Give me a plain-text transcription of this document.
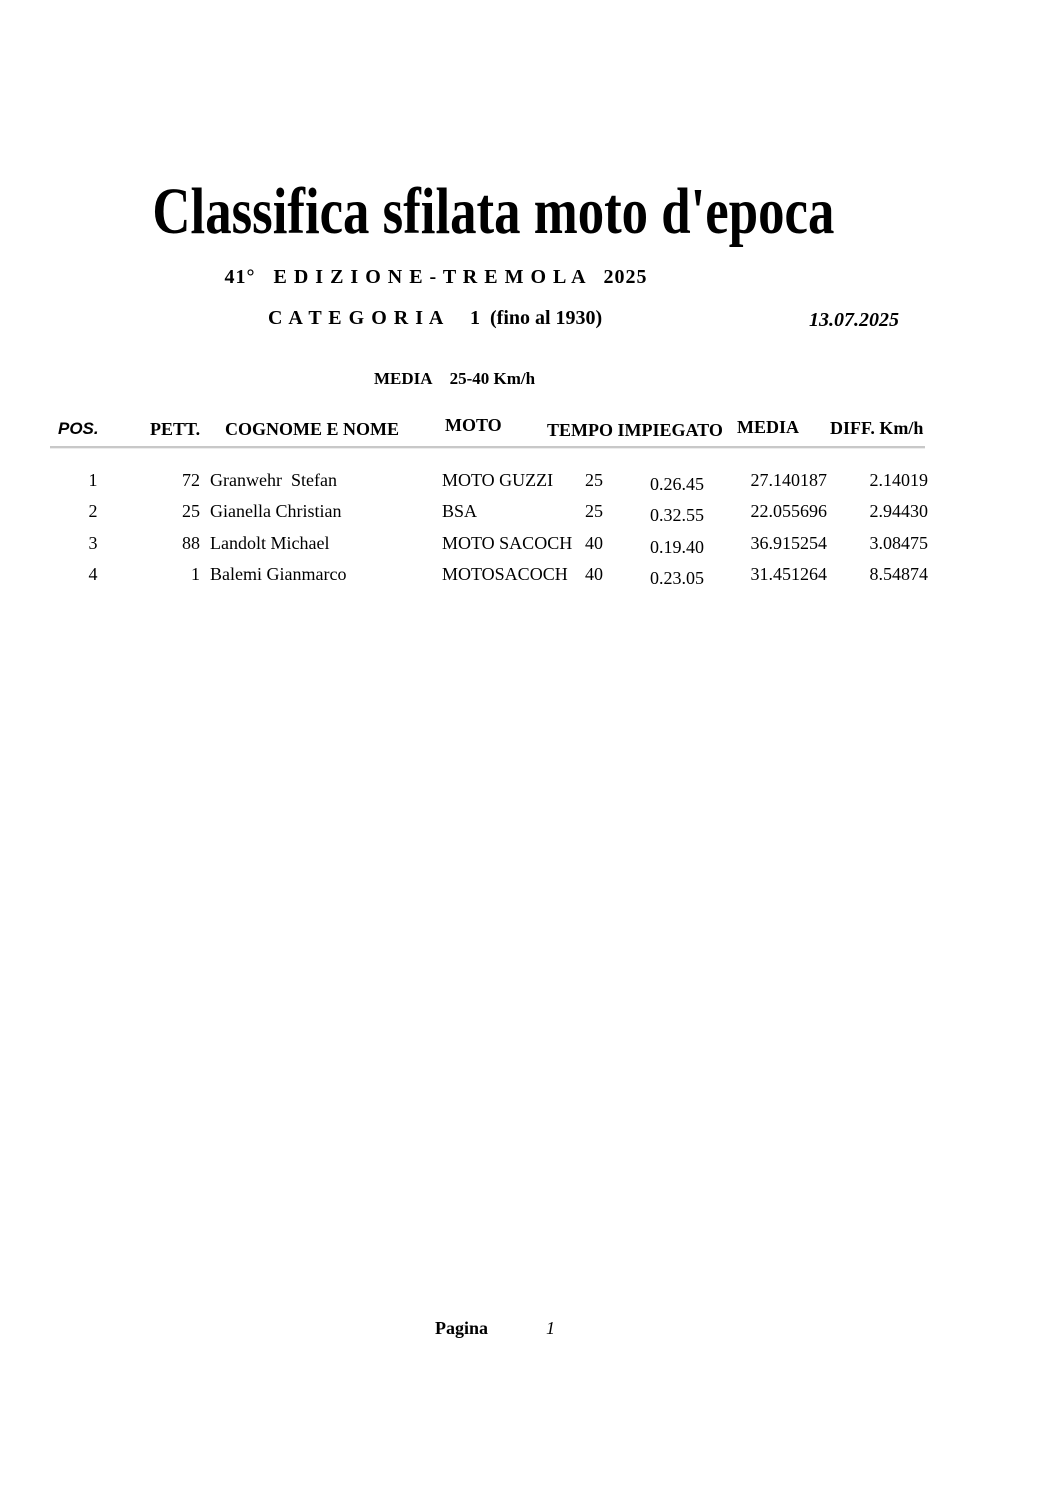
Classifica sfilata moto d'epoca
41°   E D I Z I O N E - T R E M O L A   2025
C A T E G O R I A 1  (fino al 1930)	13.07.2025

MEDIA 25-40 Km/h

POS.	PETT. COGNOME E NOME	MOTO	TEMPO IMPIEGATO MEDIA DIFF. Km/h
1	72 Granwehr  Stefan	MOTO GUZZI 25	0.26.45	27.140187	2.14019
2	25 Gianella Christian	BSA	25	0.32.55	22.055696	2.94430
3	88 Landolt Michael	MOTO SACOCH 40	0.19.40	36.915254	3.08475
4	1 Balemi Gianmarco	MOTOSACOCH 40	0.23.05	31.451264	8.54874
Pagina	1
